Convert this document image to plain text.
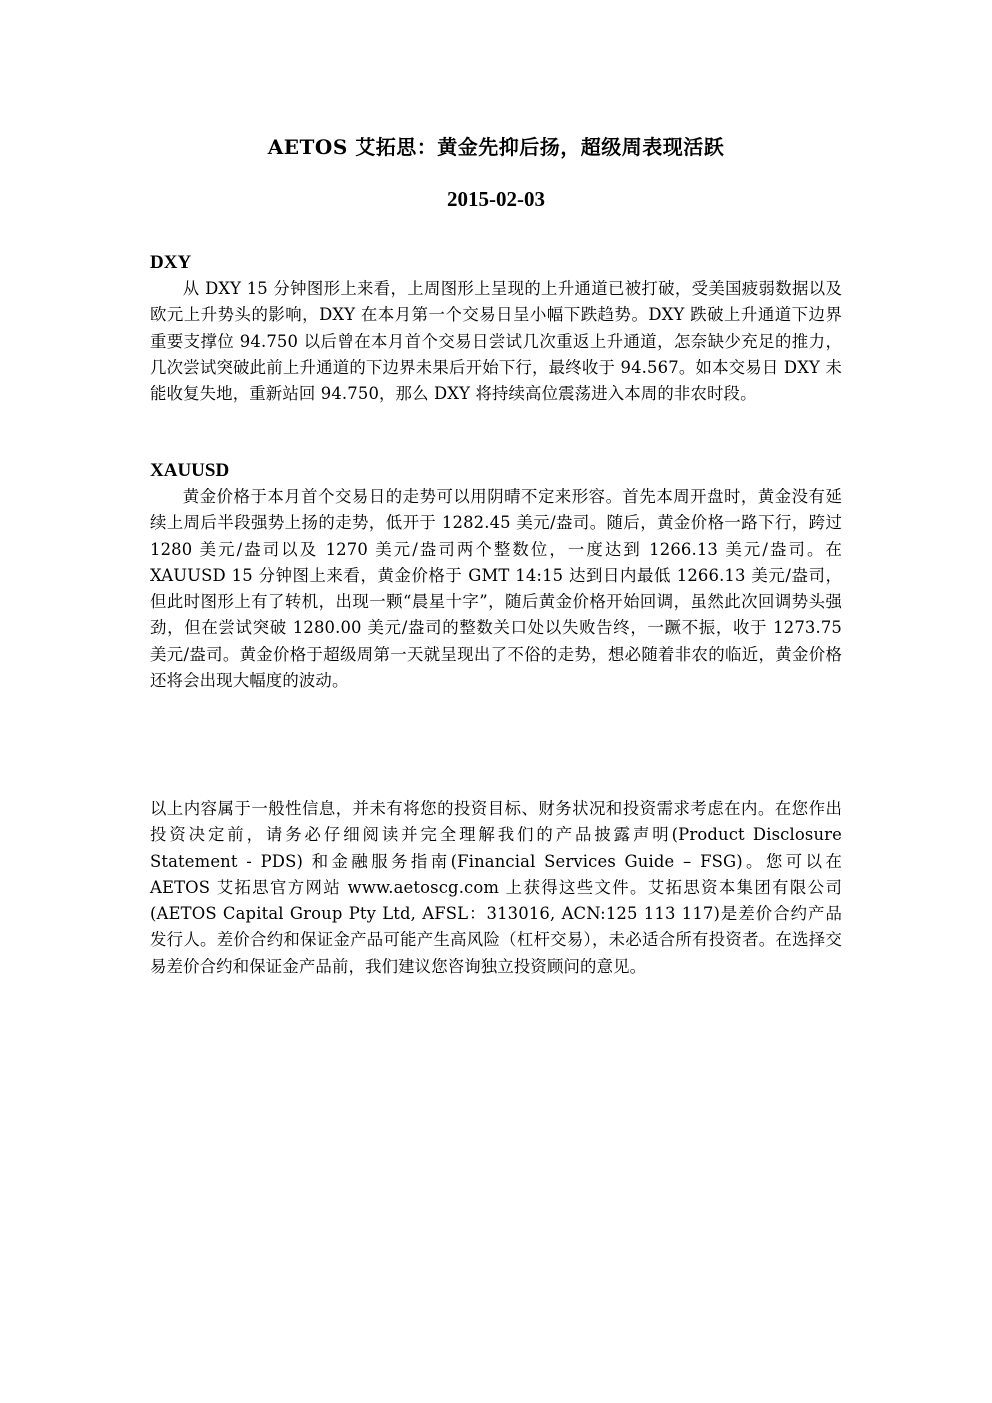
AETOS 艾拓思：黄金先抑后扬，超级周表现活跃
2015-02-03
DXY
从 DXY 15 分钟图形上来看，上周图形上呈现的上升通道已被打破，受美国疲弱数据以及欧元上升势头的影响，DXY 在本月第一个交易日呈小幅下跌趋势。DXY 跌破上升通道下边界重要支撑位 94.750 以后曾在本月首个交易日尝试几次重返上升通道，怎奈缺少充足的推力，几次尝试突破此前上升通道的下边界未果后开始下行，最终收于 94.567。如本交易日 DXY 未能收复失地，重新站回 94.750，那么 DXY 将持续高位震荡进入本周的非农时段。
XAUUSD
黄金价格于本月首个交易日的走势可以用阴晴不定来形容。首先本周开盘时，黄金没有延续上周后半段强势上扬的走势，低开于 1282.45 美元/盎司。随后，黄金价格一路下行，跨过 1280 美元/盎司以及 1270 美元/盎司两个整数位，一度达到 1266.13 美元/盎司。在 XAUUSD 15 分钟图上来看，黄金价格于 GMT 14:15 达到日内最低 1266.13 美元/盎司，但此时图形上有了转机，出现一颗“晨星十字”，随后黄金价格开始回调，虽然此次回调势头强劲，但在尝试突破 1280.00 美元/盎司的整数关口处以失败告终，一蹶不振，收于 1273.75 美元/盎司。黄金价格于超级周第一天就呈现出了不俗的走势，想必随着非农的临近，黄金价格还将会出现大幅度的波动。
以上内容属于一般性信息，并未有将您的投资目标、财务状况和投资需求考虑在内。在您作出投资决定前，请务必仔细阅读并完全理解我们的产品披露声明(Product Disclosure Statement - PDS) 和金融服务指南(Financial Services Guide – FSG)。您可以在 AETOS 艾拓思官方网站 www.aetoscg.com 上获得这些文件。艾拓思资本集团有限公司(AETOS Capital Group Pty Ltd, AFSL：313016, ACN:125 113 117)是差价合约产品发行人。差价合约和保证金产品可能产生高风险（杠杆交易），未必适合所有投资者。在选择交易差价合约和保证金产品前，我们建议您咨询独立投资顾问的意见。
